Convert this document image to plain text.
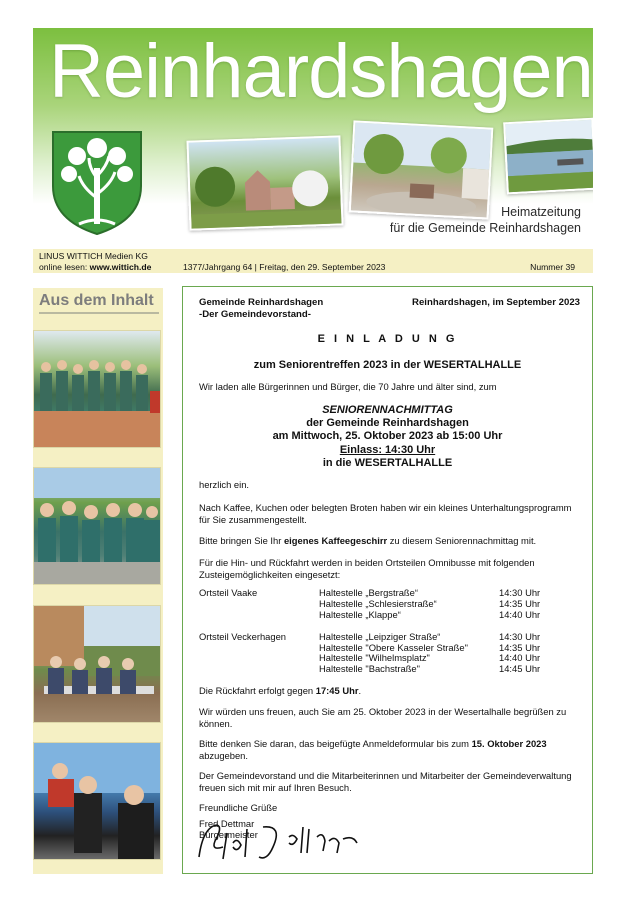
Reinhardshagen
Heimatzeitung
für die Gemeinde Reinhardshagen
LINUS WITTICH Medien KG
online lesen: www.wittich.de	1377/Jahrgang 64 | Freitag, den 29. September 2023	Nummer 39
Aus dem Inhalt	Gemeinde Reinhardshagen
-Der Gemeindevorstand-
Reinhardshagen, im September 2023
E I N L A D U N G
zum Seniorentreffen 2023 in der WESERTALHALLE
Wir laden alle Bürgerinnen und Bürger, die 70 Jahre und älter sind, zum
SENIORENNACHMITTAG
der Gemeinde Reinhardshagen
am Mittwoch, 25. Oktober 2023 ab 15:00 Uhr
Einlass: 14:30 Uhr
in die WESERTALHALLE
herzlich ein.
Nach Kaffee, Kuchen oder belegten Broten haben wir ein kleines Unterhaltungsprogramm für Sie zusammengestellt.
Bitte bringen Sie Ihr eigenes Kaffeegeschirr zu diesem Seniorennachmittag mit.
Für die Hin- und Rückfahrt werden in beiden Ortsteilen Omnibusse mit folgenden Zusteigemöglichkeiten eingesetzt:
Ortsteil Vaake	Haltestelle „Bergstraße“	14:30 Uhr
Haltestelle „Schlesierstraße“	14:35 Uhr
Haltestelle „Klappe“	14:40 Uhr
Ortsteil Veckerhagen	Haltestelle „Leipziger Straße“	14:30 Uhr
Haltestelle "Obere Kasseler Straße"	14:35 Uhr
Haltestelle "Wilhelmsplatz"	14:40 Uhr
Haltestelle "Bachstraße"	14:45 Uhr
Die Rückfahrt erfolgt gegen 17:45 Uhr.
Wir würden uns freuen, auch Sie am 25. Oktober 2023 in der Wesertalhalle begrüßen zu können.
Bitte denken Sie daran, das beigefügte Anmeldeformular bis zum 15. Oktober 2023 abzugeben.
Der Gemeindevorstand und die Mitarbeiterinnen und Mitarbeiter der Gemeindeverwaltung freuen sich mit mir auf Ihren Besuch.
Freundliche Grüße
Fred Dettmar
Bürgermeister
